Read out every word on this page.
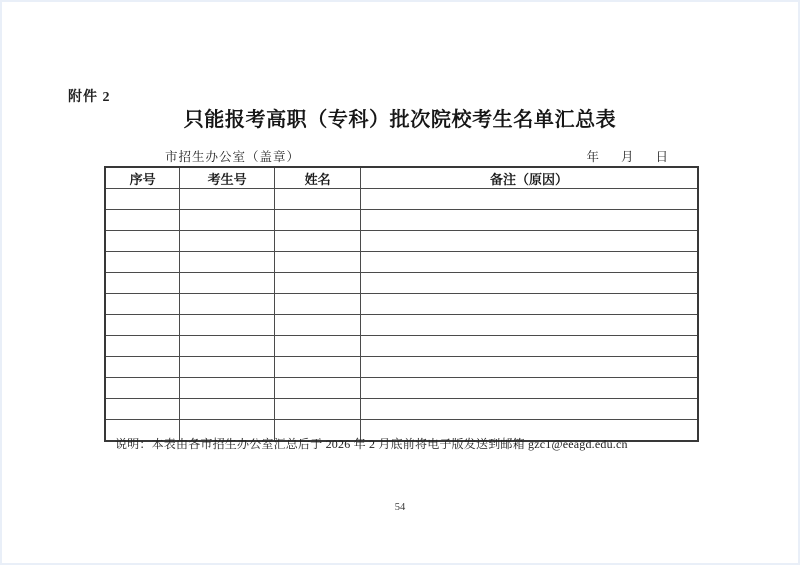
附件 2
只能报考高职（专科）批次院校考生名单汇总表
市招生办公室（盖章）	年 月 日
序号	考生号	姓名	备注（原因）

说明：本表由各市招生办公室汇总后于 2026 年 2 月底前将电子版发送到邮箱 gzc1@eeagd.edu.cn
54
